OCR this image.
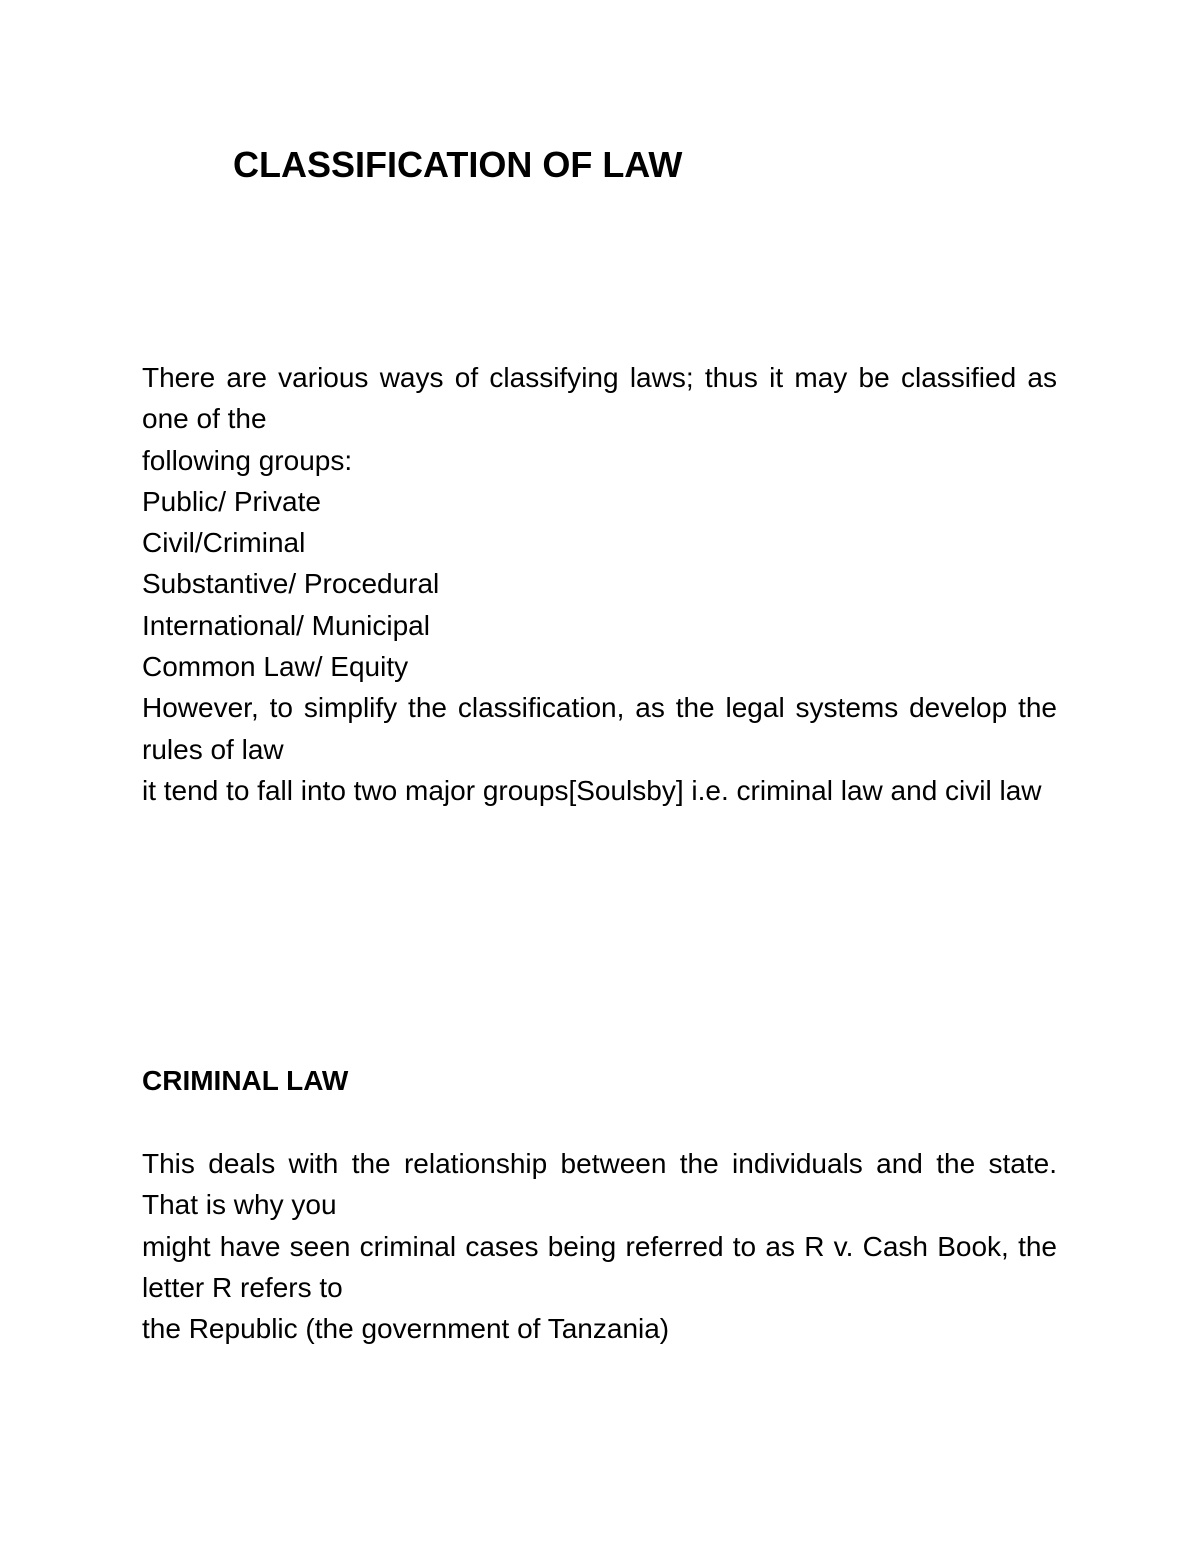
CLASSIFICATION OF LAW

There are various ways of classifying laws; thus it may be classified as one of the

following groups:

Public/ Private
Civil/Criminal
Substantive/ Procedural
International/ Municipal
Common Law/ Equity

However, to simplify the classification, as the legal systems develop the rules of law

it tend to fall into two major groups[Soulsby] i.e. criminal law and civil law

CRIMINAL LAW

This deals with the relationship between the individuals and the state. That is why you

might have seen criminal cases being referred to as R v. Cash Book, the letter R refers to

the Republic (the government of Tanzania)
